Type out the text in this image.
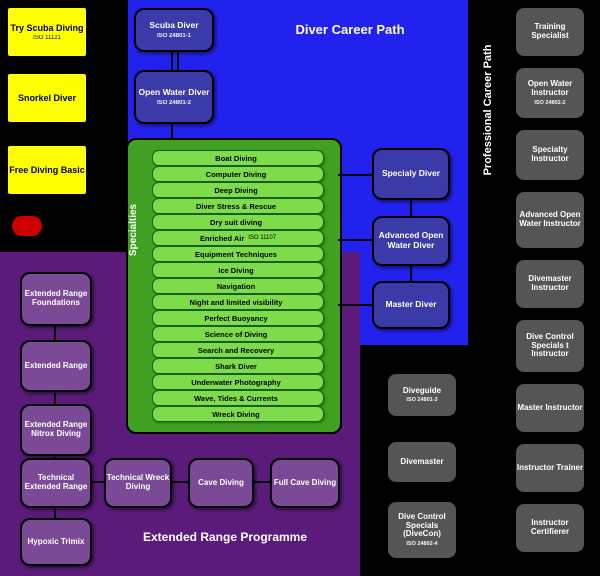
Try Scuba Diving
ISO 11121
Snorkel Diver
Free Diving Basic
Diver Career Path
Scuba Diver
ISO 24801-1
Open Water Diver
ISO 24801-2
Specialy Diver
Advanced Open Water Diver
Master Diver
Specialties
Boat Diving
Computer Diving
Deep Diving
Diver Stress & Rescue
Dry suit diving
Enriched Air ISO 11107
Equipment Techniques
Ice Diving
Navigation
Night and limited visibility
Perfect Buoyancy
Science of Diving
Search and Recovery
Shark Diver
Underwater Photography
Wave, Tides & Currents
Wreck Diving
Extended Range Programme
Extended Range Foundations
Extended Range
Extended Range Nitrox Diving
Technical Extended Range
Hypoxic Trimix
Technical Wreck Diving	Cave Diving	Full Cave Diving
Diveguide
ISO 24801-3
Divemaster
Dive Control Specials (DiveCon)
ISO 24802-4
Professional Career Path
Training Specialist
Open Water Instructor
ISO 24802-2
Specialty Instructor
Advanced Open Water Instructor
Divemaster Instructor
Dive Control Specials t Instructor
Master Instructor
Instructor Trainer
Instructor Certifierer
